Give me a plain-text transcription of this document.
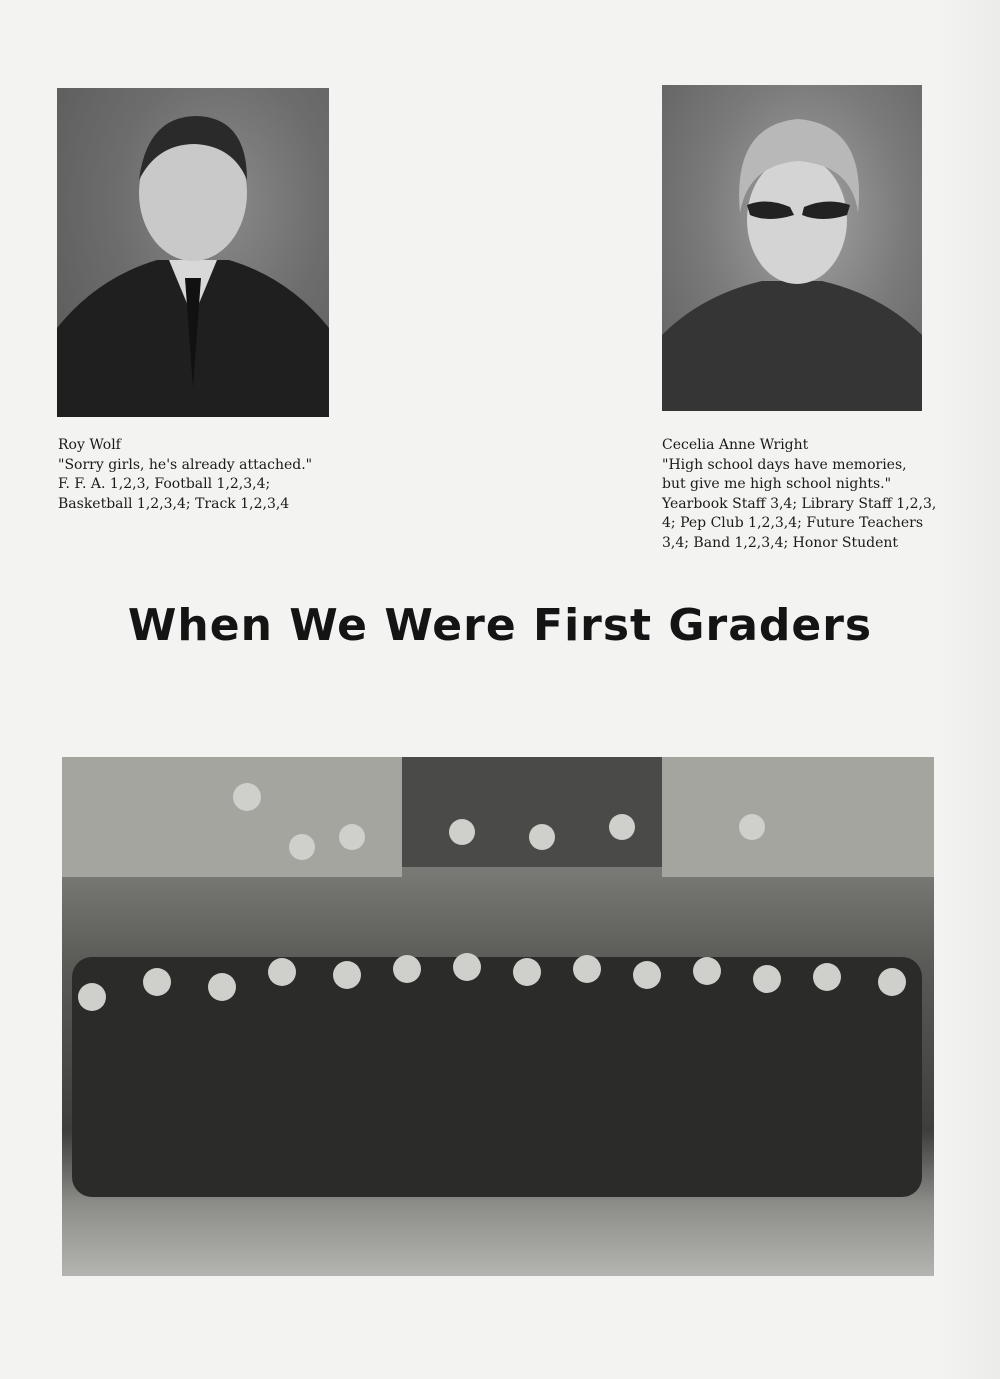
Roy Wolf
"Sorry girls, he's already attached."
F. F. A. 1,2,3, Football 1,2,3,4;
Basketball 1,2,3,4; Track 1,2,3,4
Cecelia Anne Wright
"High school days have memories,
but give me high school nights."
Yearbook Staff 3,4; Library Staff 1,2,3,
4; Pep Club 1,2,3,4; Future Teachers
3,4; Band 1,2,3,4; Honor Student
When We Were First Graders
